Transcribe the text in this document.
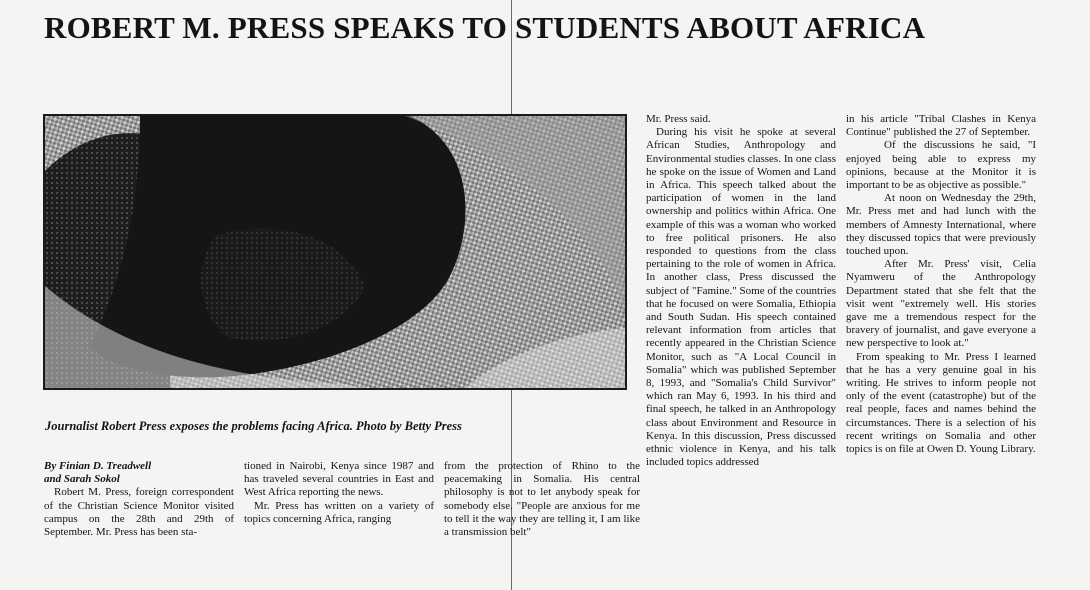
ROBERT M. PRESS SPEAKS TO STUDENTS ABOUT AFRICA
Journalist Robert Press exposes the problems facing Africa. Photo by Betty Press

By Finian D. Treadwell

and Sarah Sokol

Robert M. Press, foreign correspondent of the Christian Science Monitor visited campus on the 28th and 29th of September. Mr. Press has been sta-

tioned in Nairobi, Kenya since 1987 and has traveled several countries in East and West Africa reporting the news.

Mr. Press has written on a variety of topics concerning Africa, ranging

from the protection of Rhino to the peacemaking in Somalia. His central philosophy is not to let anybody speak for somebody else. "People are anxious for me to tell it the way they are telling it, I am like a transmission belt"

Mr. Press said.

During his visit he spoke at several African Studies, Anthropology and Environmental studies classes. In one class he spoke on the issue of Women and Land in Africa. This speech talked about the participation of women in the land ownership and politics within Africa. One example of this was a woman who worked to free political prisoners. He also responded to questions from the class pertaining to the role of women in Africa. In another class, Press discussed the subject of "Famine." Some of the countries that he focused on were Somalia, Ethiopia and South Sudan. His speech contained relevant information from articles that recently appeared in the Christian Science Monitor, such as "A Local Council in Somalia" which was published September 8, 1993, and "Somalia's Child Survivor" which ran May 6, 1993. In his third and final speech, he talked in an Anthropology class about Environment and Resource in Kenya. In this discussion, Press discussed ethnic violence in Kenya, and his talk included topics addressed

in his article "Tribal Clashes in Kenya Continue" published the 27 of September.

Of the discussions he said, "I enjoyed being able to express my opinions, because at the Monitor it is important to be as objective as possible."

At noon on Wednesday the 29th, Mr. Press met and had lunch with the members of Amnesty International, where they discussed topics that were previously touched upon.

After Mr. Press' visit, Celia Nyamweru of the Anthropology Department stated that she felt that the visit went "extremely well. His stories gave me a tremendous respect for the bravery of journalist, and gave everyone a new perspective to look at."

From speaking to Mr. Press I learned that he has a very genuine goal in his writing. He strives to inform people not only of the event (catastrophe) but of the real people, faces and names behind the circumstances. There is a selection of his recent writings on Somalia and other topics is on file at Owen D. Young Library.
